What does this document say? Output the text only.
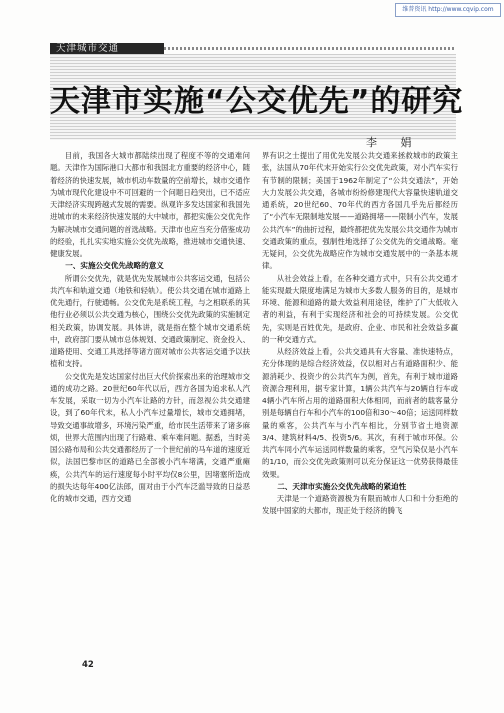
维普资讯 http://www.cqvip.com
天津城市交通
天津市实施“公交优先”的研究
李 娟

目前，我国各大城市都陆续出现了程度不等的交通难问题。天津作为国际港口大都市和我国北方重要的经济中心，随着经济的快速发展，城市机动车数量的空前增长，城市交通作为城市现代化建设中不可回避的一个问题日趋突出，已不适应天津经济实现跨越式发展的需要。纵观许多发达国家和我国先进城市的未来经济快速发展的大中城市，都把实施公交优先作为解决城市交通问题的首选战略。天津市也应当充分借鉴成功的经验，扎扎实实地实施公交优先战略，推进城市交通快速、健康发展。

一、实施公交优先战略的意义

所谓公交优先，就是优先发展城市公共客运交通，包括公共汽车和轨道交通（地铁和轻轨）。使公共交通在城市道路上优先通行，行驶通畅。公交优先是系统工程，与之相联系的其他行业必须以公共交通为核心，围绕公交优先政策的实施制定相关政策，协调发展。具体讲，就是指在整个城市交通系统中，政府部门要从城市总体规划、交通政策制定、资金投入、道路使用、交通工具选择等诸方面对城市公共客运交通予以扶植和支持。

公交优先是发达国家付出巨大代价探索出来的治理城市交通的成功之路。20世纪60年代以后，西方各国为追求私人汽车发展，采取一切为小汽车让路的方针，而忽视公共交通建设，到了60年代末，私人小汽车过量增长，城市交通拥堵，导致交通事故增多，环境污染严重，给市民生活带来了诸多麻烦，世界大范围内出现了行路难、乘车难问题。据悉，当时美国公路布局和公共交通都经历了一个世纪前的马车道的速度近似，法国巴黎市区的道路已全部被小汽车堵满，交通严重瘫痪，公共汽车的运行速度每小时平均仅8公里，因堵塞所造成的损失达每年400亿法郎，面对由于小汽车泛滥导致的日益恶化的城市交通，西方交通

界有识之士提出了用优先发展公共交通来拯救城市的政策主张，法国从70年代末开始实行公交优先政策，对小汽车实行有节制的限制；美国于1962年制定了“公共交通法”，开始大力发展公共交通，各城市纷纷修建现代大容量快速轨道交通系统，20世纪60、70年代的西方各国几乎先后都经历了“小汽车无限制地发展——道路拥堵——限制小汽车，发展公共汽车”的曲折过程，最终都把优先发展公共交通作为城市交通政策的重点，强制性地选择了公交优先的交通战略。毫无疑问，公交优先战略应作为城市交通发展中的一条基本规律。

从社会效益上看，在各种交通方式中，只有公共交通才能实现最大限度地满足为城市大多数人服务的目的，是城市环境、能源和道路的最大效益利用途径，维护了广大低收入者的利益，有利于实现经济和社会的可持续发展。公交优先，实则是百姓优先，是政府、企业、市民和社会效益多赢的一种交通方式。

从经济效益上看，公共交通具有大容量、准快速特点，充分体现的是综合经济效益，仅以相对占有道路面积少、能源消耗少、投资少的公共汽车为例，首先，有利于城市道路资源合理利用，据专家计算，1辆公共汽车与20辆自行车或4辆小汽车所占用的道路面积大体相同，而前者的载客量分别是每辆自行车和小汽车的100倍和30～40倍；运送同样数量的乘客，公共汽车与小汽车相比，分别节省土地资源3/4、建筑材料4/5、投资5/6。其次，有利于城市环保。公共汽车同小汽车运送同样数量的乘客，空气污染仅是小汽车的1/10，而公交优先政策则可以充分保证这一优势获得最佳效果。

二、天津市实施公交优先战略的紧迫性

天津是一个道路资源极为有限而城市人口和十分拒绝的发展中国家的大都市，现正处于经济的腾飞

42
